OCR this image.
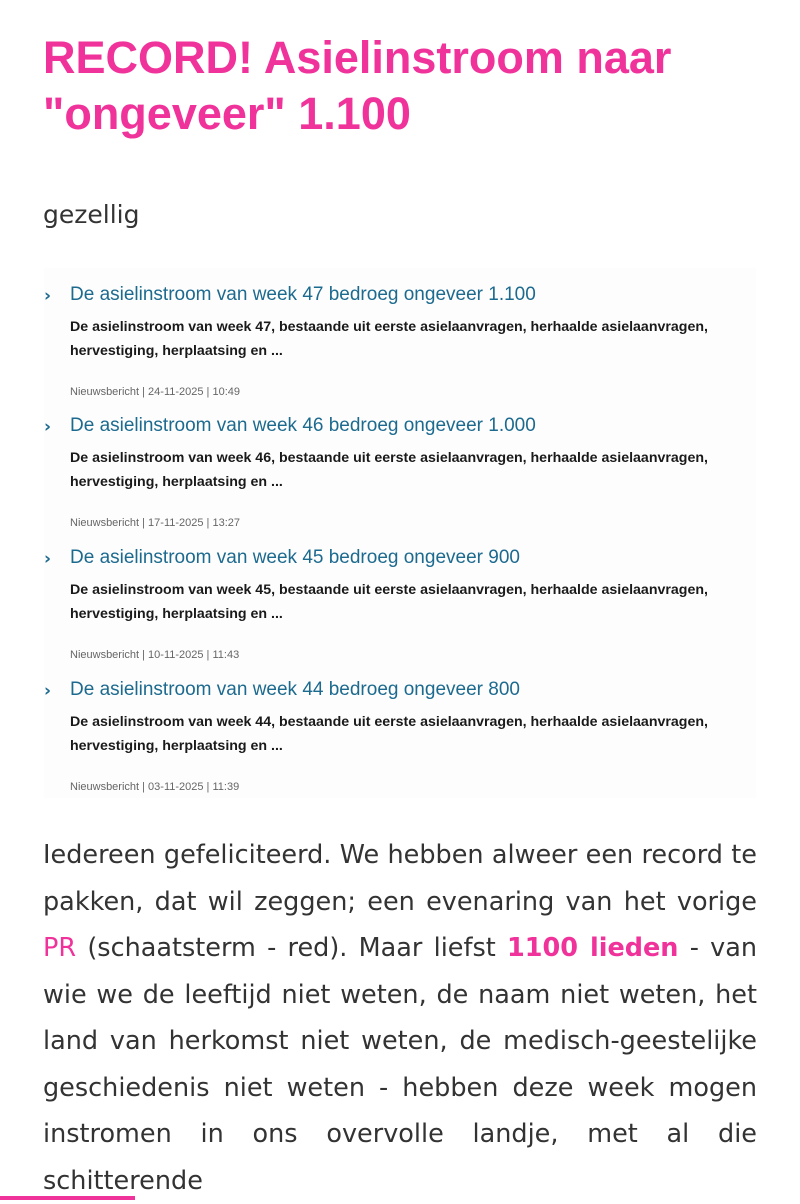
RECORD! Asielinstroom naar "ongeveer" 1.100

gezellig

› De asielinstroom van week 47 bedroeg ongeveer 1.100
De asielinstroom van week 47, bestaande uit eerste asielaanvragen, herhaalde asielaanvragen, hervestiging, herplaatsing en ...
Nieuwsbericht | 24-11-2025 | 10:49
› De asielinstroom van week 46 bedroeg ongeveer 1.000
De asielinstroom van week 46, bestaande uit eerste asielaanvragen, herhaalde asielaanvragen, hervestiging, herplaatsing en ...
Nieuwsbericht | 17-11-2025 | 13:27
› De asielinstroom van week 45 bedroeg ongeveer 900
De asielinstroom van week 45, bestaande uit eerste asielaanvragen, herhaalde asielaanvragen, hervestiging, herplaatsing en ...
Nieuwsbericht | 10-11-2025 | 11:43
› De asielinstroom van week 44 bedroeg ongeveer 800
De asielinstroom van week 44, bestaande uit eerste asielaanvragen, herhaalde asielaanvragen, hervestiging, herplaatsing en ...
Nieuwsbericht | 03-11-2025 | 11:39

Iedereen gefeliciteerd. We hebben alweer een record te pakken, dat wil zeggen; een evenaring van het vorige PR (schaatsterm - red). Maar liefst 1100 lieden - van wie we de leeftijd niet weten, de naam niet weten, het land van herkomst niet weten, de medisch-geestelijke geschiedenis niet weten - hebben deze week mogen instromen in ons overvolle landje, met al die schitterende
